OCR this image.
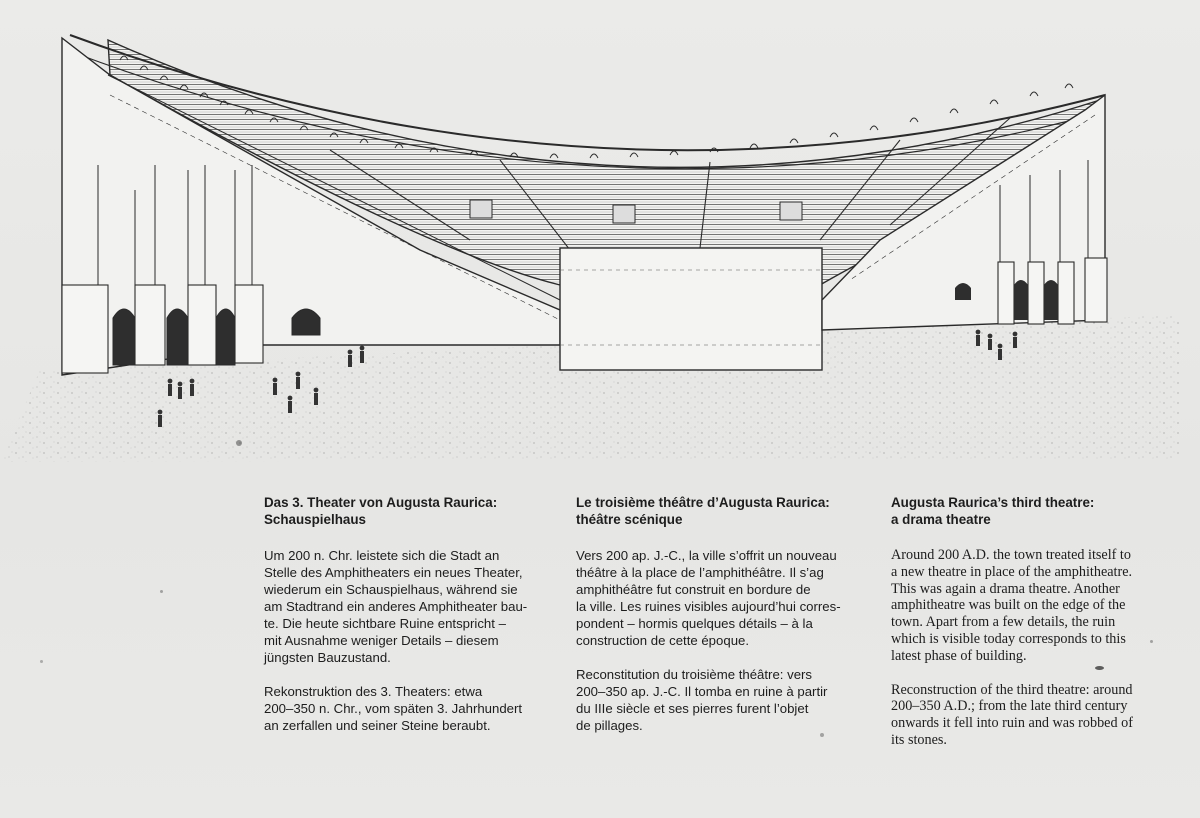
Das 3. Theater von Augusta Raurica:
Schauspielhaus
Um 200 n. Chr. leistete sich die Stadt an
Stelle des Amphitheaters ein neues Theater,
wiederum ein Schauspielhaus, während sie
am Stadtrand ein anderes Amphitheater bau-
te. Die heute sichtbare Ruine entspricht –
mit Ausnahme weniger Details – diesem
jüngsten Bauzustand.
Rekonstruktion des 3. Theaters: etwa
200–350 n. Chr., vom späten 3. Jahrhundert
an zerfallen und seiner Steine beraubt.
Le troisième théâtre d’Augusta Raurica:
théâtre scénique
Vers 200 ap. J.-C., la ville s’offrit un nouveau
théâtre à la place de l’amphithéâtre. Il s’ag
amphithéâtre fut construit en bordure de
la ville. Les ruines visibles aujourd’hui corres-
pondent – hormis quelques détails – à la
construction de cette époque.
Reconstitution du troisième théâtre: vers
200–350 ap. J.-C. Il tomba en ruine à partir
du IIIe siècle et ses pierres furent l’objet
de pillages.
Augusta Raurica’s third theatre:
a drama theatre
Around 200 A.D. the town treated itself to
a new theatre in place of the amphitheatre.
This was again a drama theatre. Another
amphitheatre was built on the edge of the
town. Apart from a few details, the ruin
which is visible today corresponds to this
latest phase of building.
Reconstruction of the third theatre: around
200–350 A.D.; from the late third century
onwards it fell into ruin and was robbed of
its stones.
